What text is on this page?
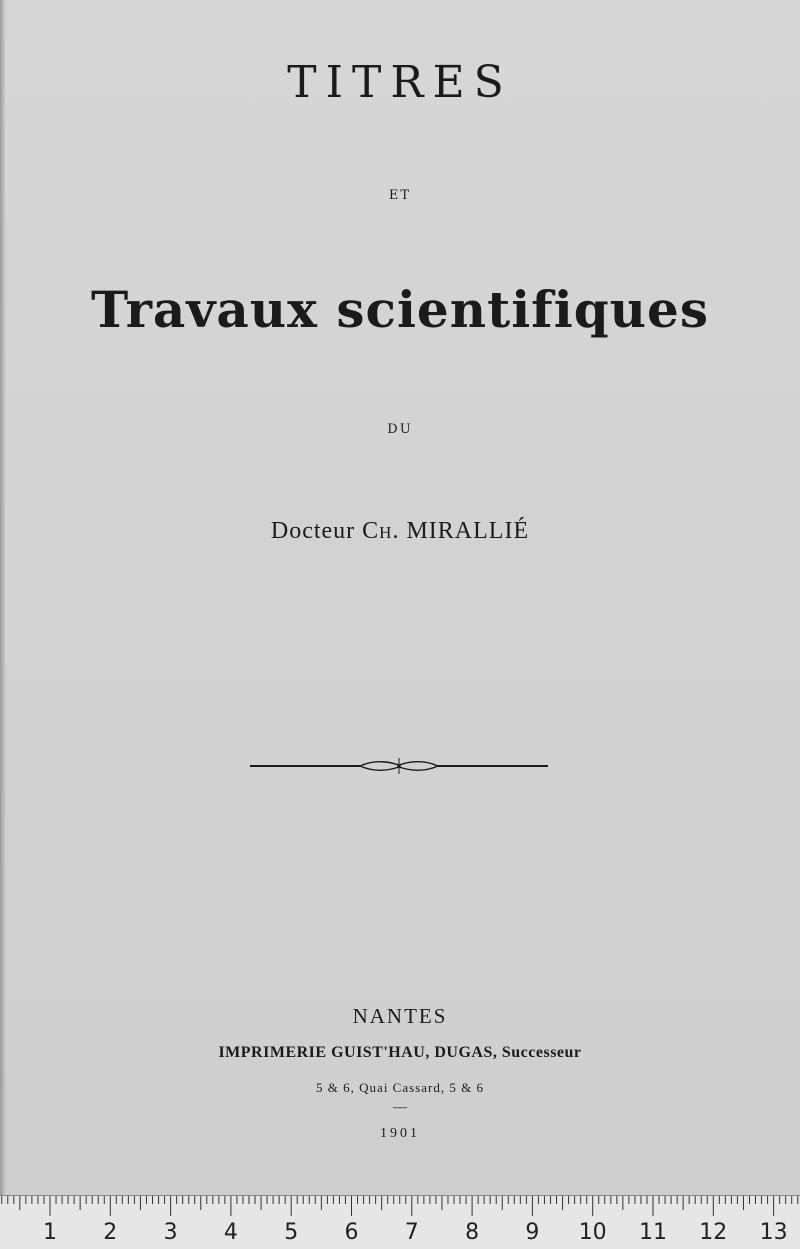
TITRES
ET
Travaux scientifiques
DU
Docteur Ch. MIRALLIÉ
NANTES
IMPRIMERIE GUIST'HAU, DUGAS, Successeur
5 & 6, Quai Cassard, 5 & 6
—
1901
1 2 3 4 5 6 7 8 9 10 11 12 13
